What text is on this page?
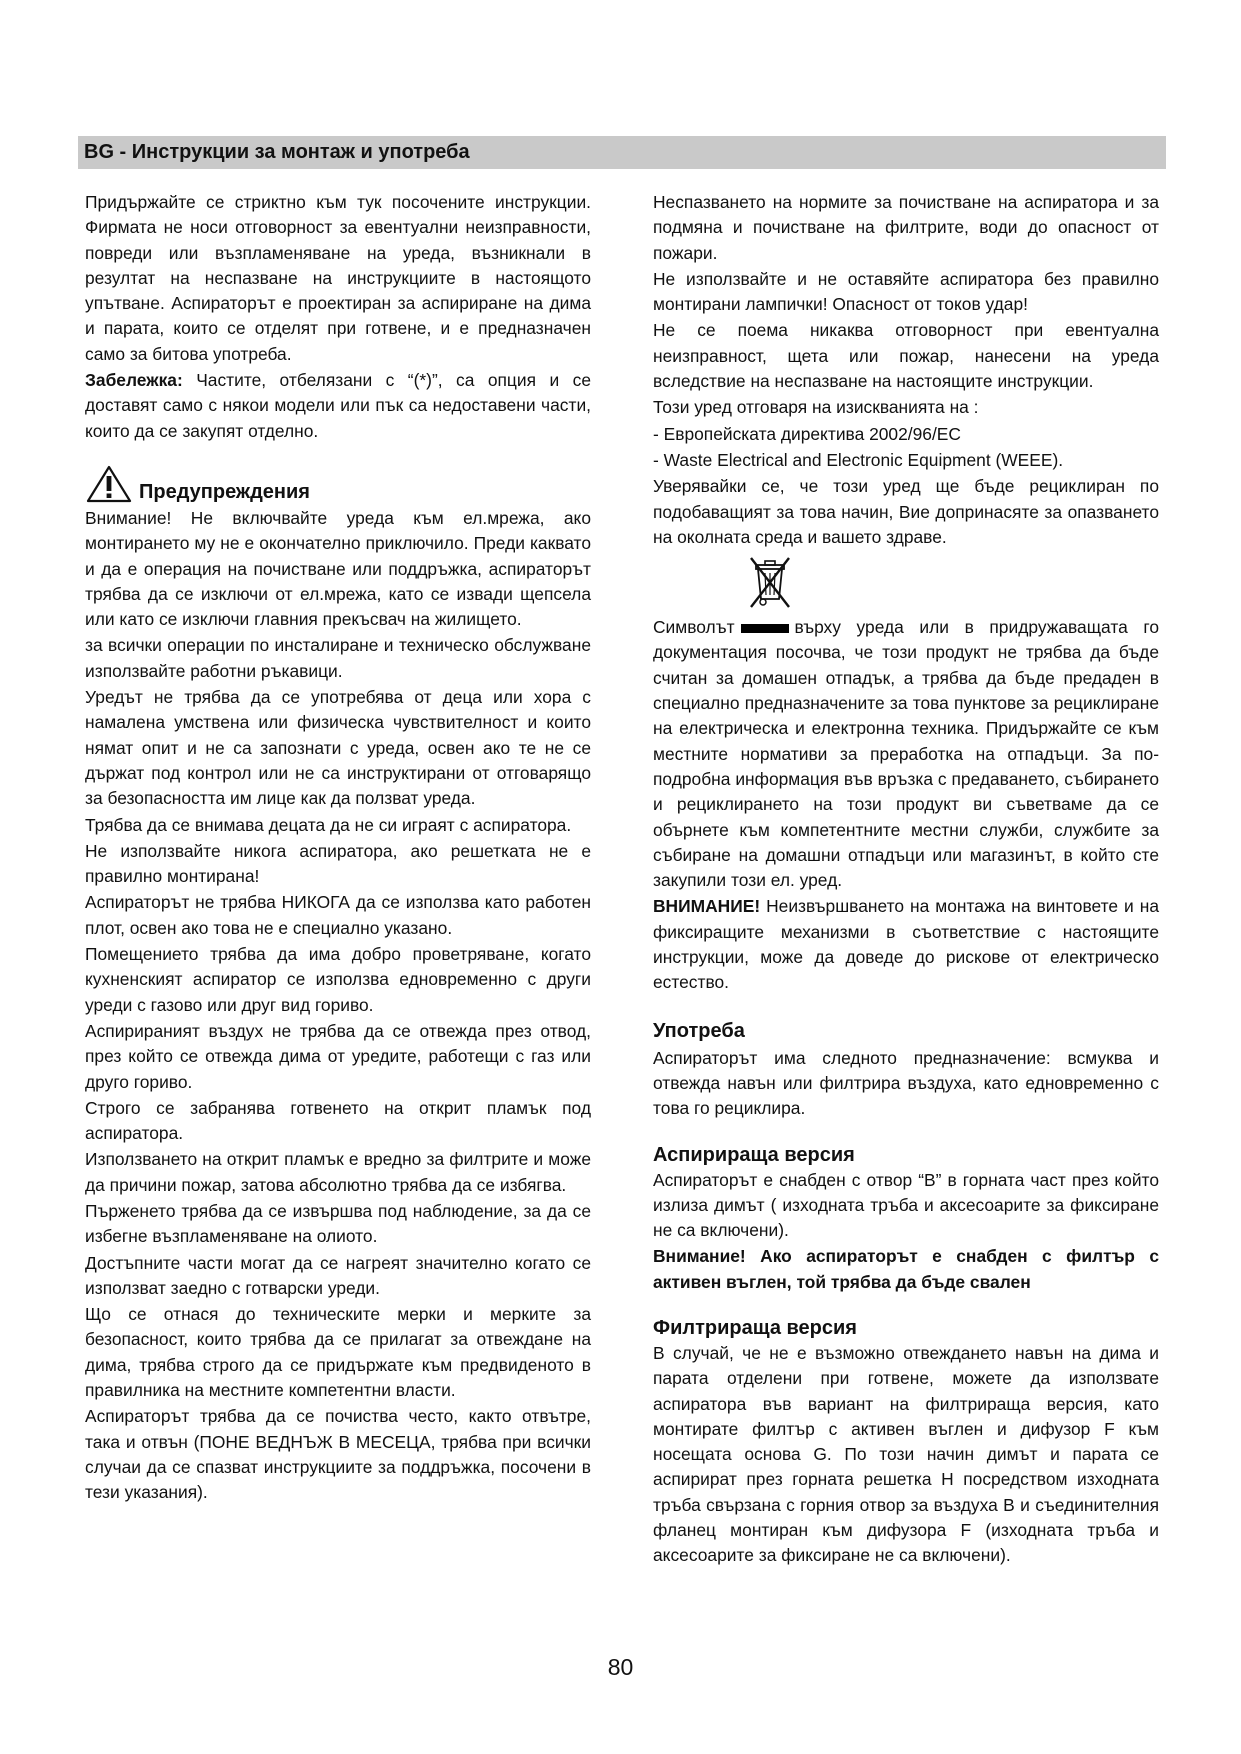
BG - Инструкции за монтаж и употреба

Придържайте се стриктно към тук посочените инструкции. Фирмата не носи отговорност за евентуални неизправности, повреди или възпламеняване на уреда, възникнали в резултат на неспазване на инструкциите в настоящото упътване. Аспираторът е проектиран за аспириране на дима и парата, които се отделят при готвене, и е предназначен само за битова употреба.

Забележка: Частите, отбелязани с “(*)”, са опция и се доставят само с някои модели или пък са недоставени части, които да се закупят отделно.

Предупреждения

Внимание! Не включвайте уреда към ел.мрежа, ако монтирането му не е окончателно приключило. Преди каквато и да е операция на почистване или поддръжка, аспираторът трябва да се изключи от ел.мрежа, като се извади щепсела или като се изключи главния прекъсвач на жилището.

за всички операции по инсталиране и техническо обслужване използвайте работни ръкавици.

Уредът не трябва да се употребява от деца или хора с намалена умствена или физическа чувствителност и които нямат опит и не са запознати с уреда, освен ако те не се държат под контрол или не са инструктирани от отговарящо за безопасността им лице как да ползват уреда.

Трябва да се внимава децата да не си играят с аспиратора.

Не използвайте никога аспиратора, ако решетката не е правилно монтирана!

Аспираторът не трябва НИКОГА да се използва като работен плот, освен ако това не е специално указано.

Помещението трябва да има добро проветряване, когато кухненският аспиратор се използва едновременно с други уреди с газово или друг вид гориво.

Аспирираният въздух не трябва да се отвежда през отвод, през който се отвежда дима от уредите, работещи с газ или друго гориво.

Строго се забранява готвенето на открит пламък под аспиратора.

Използването на открит пламък е вредно за филтрите и може да причини пожар, затова абсолютно трябва да се избягва.

Пърженето трябва да се извършва под наблюдение, за да се избегне възпламеняване на олиото.

Достъпните части могат да се нагреят значително когато се използват заедно с готварски уреди.

Що се отнася до техническите мерки и мерките за безопасност, които трябва да се прилагат за отвеждане на дима, трябва строго да се придържате към предвиденото в правилника на местните компетентни власти.

Аспираторът трябва да се почиства често, както отвътре, така и отвън (ПОНЕ ВЕДНЪЖ В МЕСЕЦА, трябва при всички случаи да се спазват инструкциите за поддръжка, посочени в тези указания).

Неспазването на нормите за почистване на аспиратора и за подмяна и почистване на филтрите, води до опасност от пожари.

Не използвайте и не оставяйте аспиратора без правилно монтирани лампички! Опасност от токов удар!

Не се поема никаква отговорност при евентуална неизправност, щета или пожар, нанесени на уреда вследствие на неспазване на настоящите инструкции.

Този уред отговаря на изискванията на :

- Европейската директива 2002/96/ЕС

- Waste Electrical and Electronic Equipment (WEEE).

Уверявайки се, че този уред ще бъде рециклиран по подобаващият за това начин, Вие допринасяте за опазването на околната среда и вашето здраве.

Символът	върху уреда или в придружаващата го документация посочва, че този продукт не трябва да бъде считан за домашен отпадък, а трябва да бъде предаден в специално предназначените за това пунктове за рециклиране на електрическа и електронна техника. Придържайте се към местните нормативи за преработка на отпадъци. За по-подробна информация във връзка с предаването, събирането и рециклирането на този продукт ви съветваме да се обърнете към компетентните местни служби, службите за събиране на домашни отпадъци или магазинът, в който сте закупили този ел. уред.

ВНИМАНИЕ! Неизвършването на монтажа на винтовете и на фиксиращите механизми в съответствие с настоящите инструкции, може да доведе до рискове от електрическо естество.

Употреба

Аспираторът има следното предназначение: всмуква и отвежда навън или филтрира въздуха, като едновременно с това го рециклира.

Аспирираща версия

Аспираторът е снабден с отвор “B” в горната част през който излиза димът ( изходната тръба и аксесоарите за фиксиране не са включени).

Внимание! Ако аспираторът е снабден с филтър с активен въглен, той трябва да бъде свален

Филтрираща версия

В случай, че не е възможно отвеждането навън на дима и парата отделени при готвене, можете да използвате аспиратора във вариант на филтрираща версия, като монтирате филтър с активен въглен и дифузор F към носещата основа G. По този начин димът и парата се аспирират през горната решетка H посредством изходната тръба свързана с горния отвор за въздуха B и съединителния фланец монтиран към дифузора F (изходната тръба и аксесоарите за фиксиране не са включени).

80
